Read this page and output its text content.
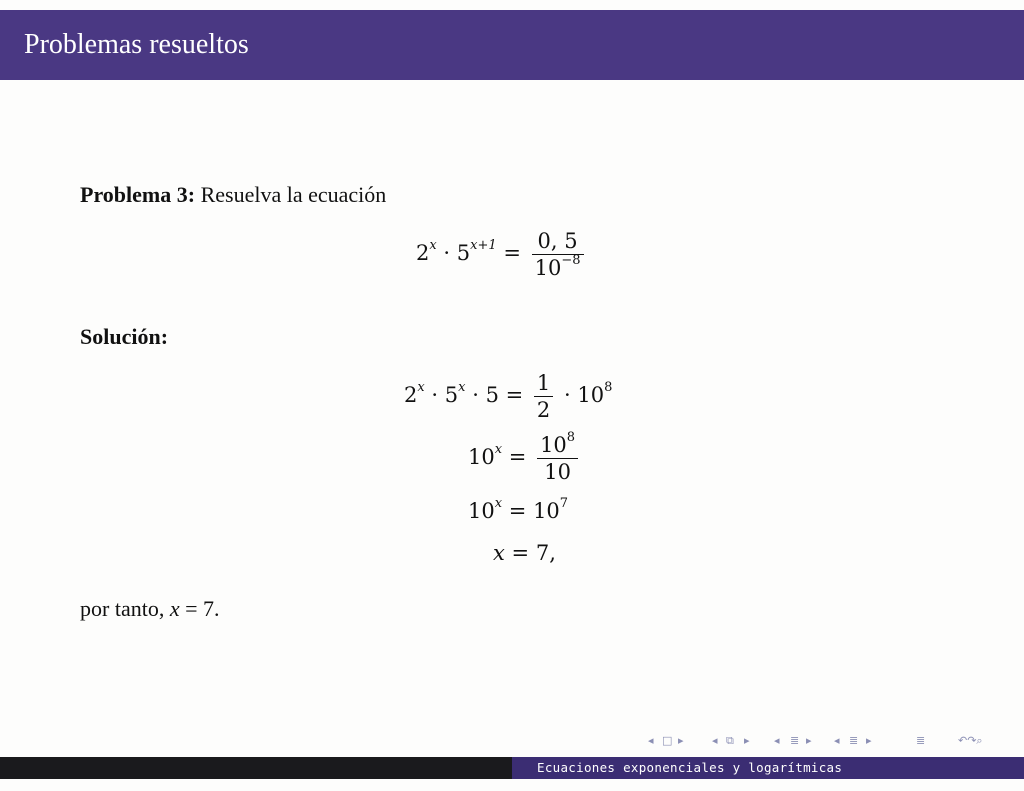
Problemas resueltos
Problema 3: Resuelva la ecuación
$2^x \cdot 5^{x+1} = \frac{0, 5}{10^{-8}}$
Solución:
$2^x \cdot 5^x \cdot 5 = \frac{1}{2} \cdot 10^8$
$10^x = \frac{10^8}{10}$
$10^x = 10^7$
x = 7,
por tanto, x = 7.
◂ □ ▸	◂ ⧉ ▸ ◂ ≣ ▸ ◂ ≣ ▸	≣	↶↷⌕
Ecuaciones exponenciales y logarítmicas
